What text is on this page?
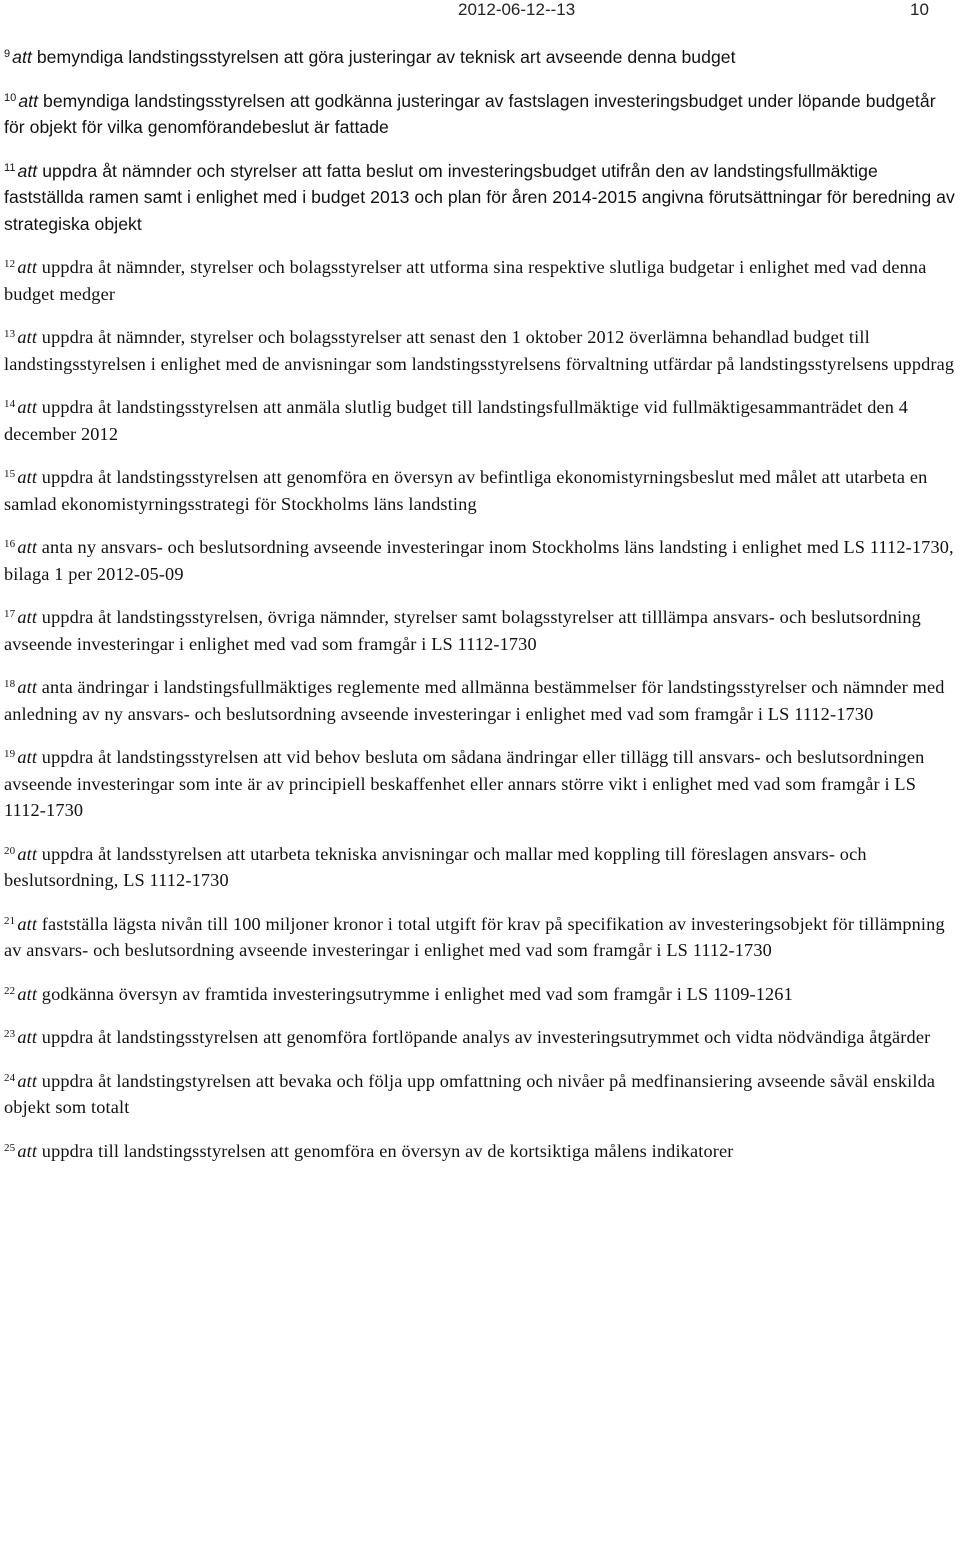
2012-06-12--13	10

$^9$ att bemyndiga landstingsstyrelsen att göra justeringar av teknisk art avseende denna budget

$^{10}$ att bemyndiga landstingsstyrelsen att godkänna justeringar av fastslagen investeringsbudget under löpande budgetår för objekt för vilka genomförandebeslut är fattade

$^{11}$ att uppdra åt nämnder och styrelser att fatta beslut om investeringsbudget utifrån den av landstingsfullmäktige fastställda ramen samt i enlighet med i budget 2013 och plan för åren 2014-2015 angivna förutsättningar för beredning av strategiska objekt

$^{12}$ att uppdra åt nämnder, styrelser och bolagsstyrelser att utforma sina respektive slutliga budgetar i enlighet med vad denna budget medger

$^{13}$ att uppdra åt nämnder, styrelser och bolagsstyrelser att senast den 1 oktober 2012 överlämna behandlad budget till landstingsstyrelsen i enlighet med de anvisningar som landstingsstyrelsens förvaltning utfärdar på landstingsstyrelsens uppdrag

$^{14}$ att uppdra åt landstingsstyrelsen att anmäla slutlig budget till landstingsfullmäktige vid fullmäktigesammanträdet den 4 december 2012

$^{15}$ att uppdra åt landstingsstyrelsen att genomföra en översyn av befintliga ekonomistyrningsbeslut med målet att utarbeta en samlad ekonomistyrningsstrategi för Stockholms läns landsting

$^{16}$ att anta ny ansvars- och beslutsordning avseende investeringar inom Stockholms läns landsting i enlighet med LS 1112-1730, bilaga 1 per 2012-05-09

$^{17}$ att uppdra åt landstingsstyrelsen, övriga nämnder, styrelser samt bolagsstyrelser att tilllämpa ansvars- och beslutsordning avseende investeringar i enlighet med vad som framgår i LS 1112-1730

$^{18}$ att anta ändringar i landstingsfullmäktiges reglemente med allmänna bestämmelser för landstingsstyrelser och nämnder med anledning av ny ansvars- och beslutsordning avseende investeringar i enlighet med vad som framgår i LS 1112-1730

$^{19}$ att uppdra åt landstingsstyrelsen att vid behov besluta om sådana ändringar eller tillägg till ansvars- och beslutsordningen avseende investeringar som inte är av principiell beskaffenhet eller annars större vikt i enlighet med vad som framgår i LS 1112-1730

$^{20}$ att uppdra åt landsstyrelsen att utarbeta tekniska anvisningar och mallar med koppling till föreslagen ansvars- och beslutsordning, LS 1112-1730

$^{21}$ att fastställa lägsta nivån till 100 miljoner kronor i total utgift för krav på specifikation av investeringsobjekt för tillämpning av ansvars- och beslutsordning avseende investeringar i enlighet med vad som framgår i LS 1112-1730

$^{22}$ att godkänna översyn av framtida investeringsutrymme i enlighet med vad som framgår i LS 1109-1261

$^{23}$ att uppdra åt landstingsstyrelsen att genomföra fortlöpande analys av investeringsutrymmet och vidta nödvändiga åtgärder

$^{24}$ att uppdra åt landstingstyrelsen att bevaka och följa upp omfattning och nivåer på medfinansiering avseende såväl enskilda objekt som totalt

$^{25}$ att uppdra till landstingsstyrelsen att genomföra en översyn av de kortsiktiga målens indikatorer
